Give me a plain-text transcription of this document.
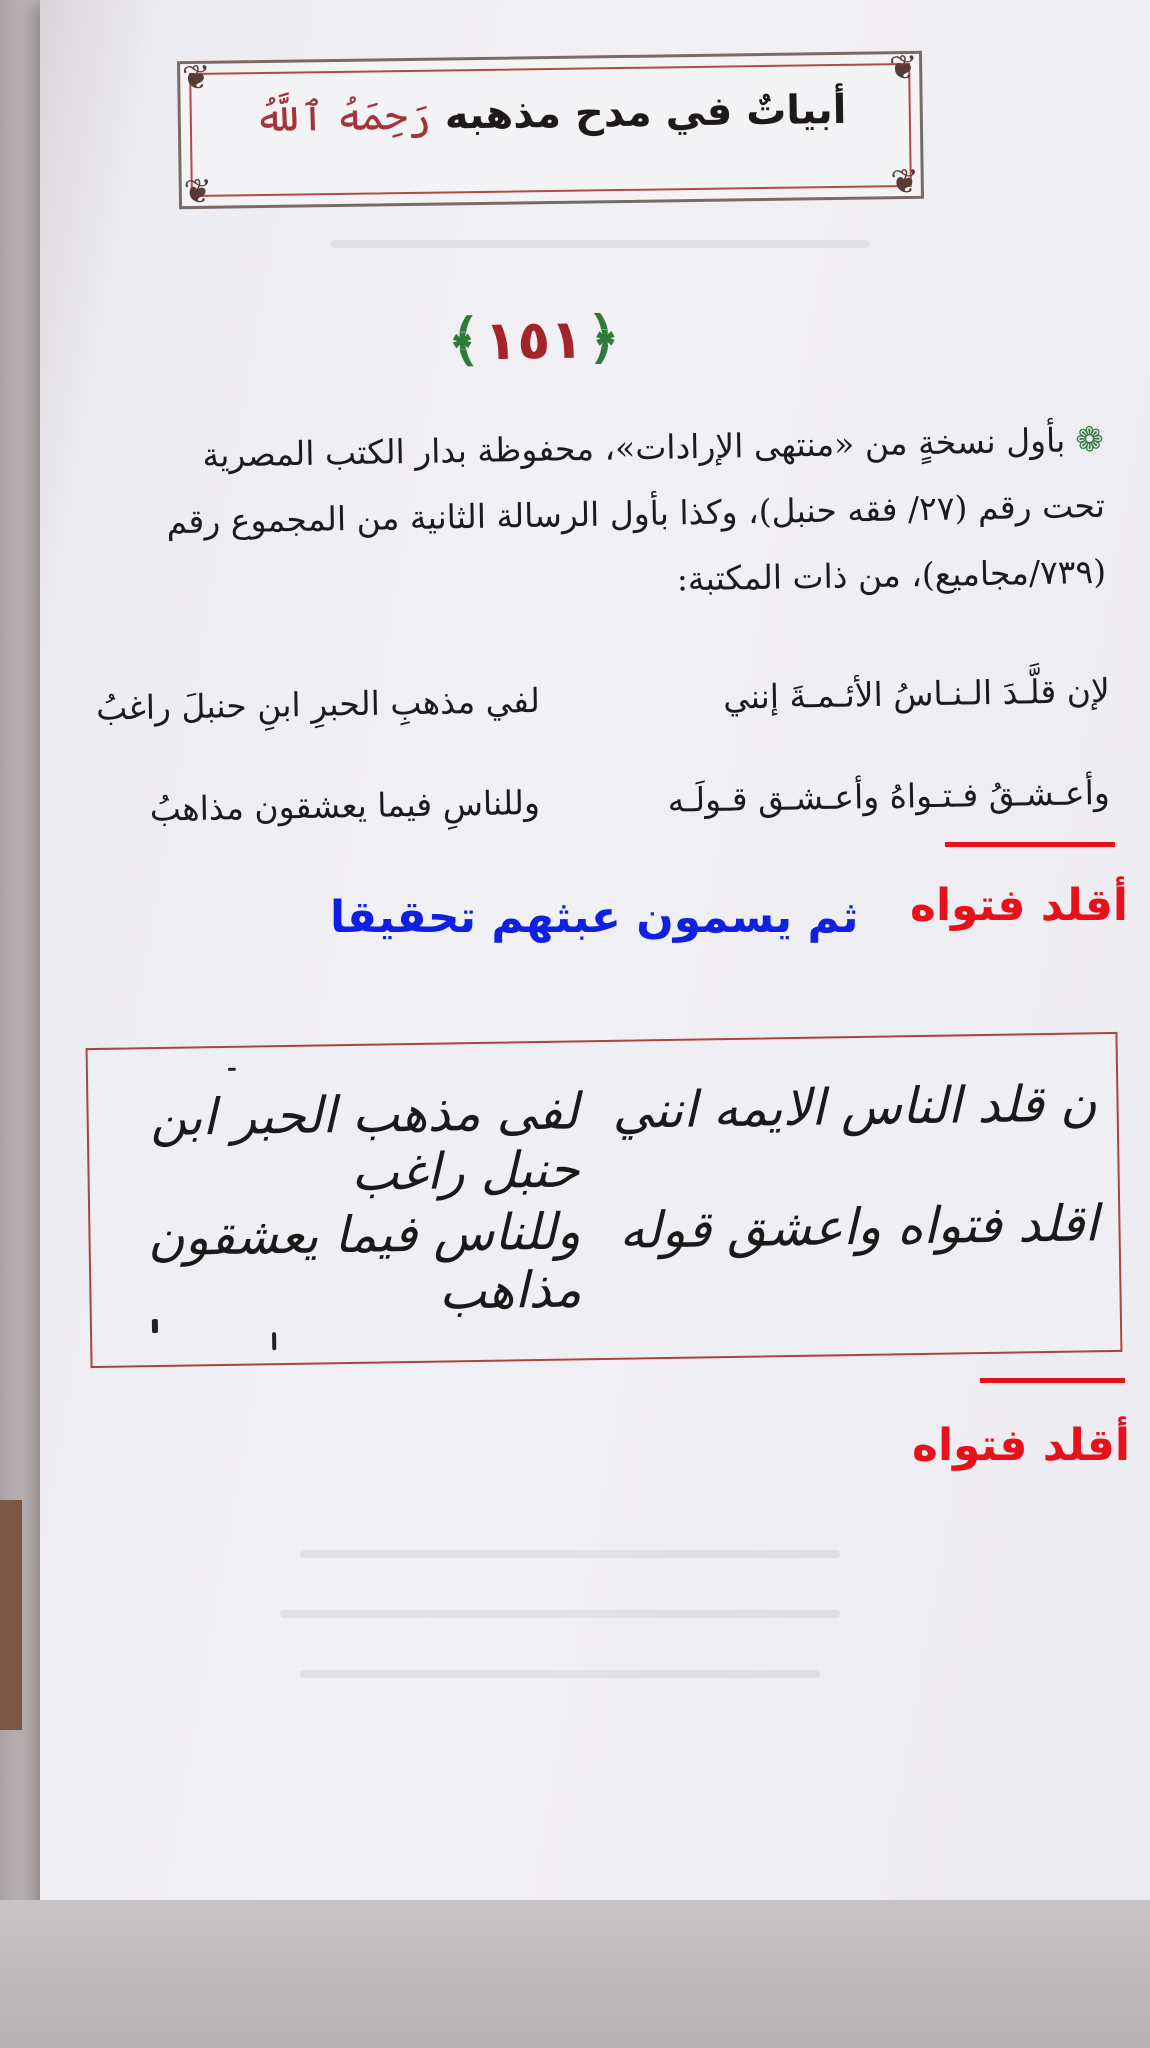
❦	❦
❦	❦
أبياتٌ في مدح مذهبه رَحِمَهُ ٱللَّهُ
﴿١٥١﴾
❁بأول نسخةٍ من «منتهى الإرادات»، محفوظة بدار الكتب المصرية
تحت رقم (٢٧/ فقه حنبل)، وكذا بأول الرسالة الثانية من المجموع رقم
(٧٣٩/مجاميع)، من ذات المكتبة:
لإن قلَّـدَ الـنـاسُ الأئـمـةَ إنني
لفي مذهبِ الحبرِ ابنِ حنبلَ راغبُ
وأعـشـقُ فـتـواهُ وأعـشـق قـولَـه
وللناسِ فيما يعشقون مذاهبُ
أقلد فتواه
ثم يسمون عبثهم تحقيقا
ن قلد الناس الايمه انني
لفى مذهب الحبر ابن حنبل راغب
اقلد فتواه واعشق قوله
وللناس فيما يعشقون مذاهب
أقلد فتواه
